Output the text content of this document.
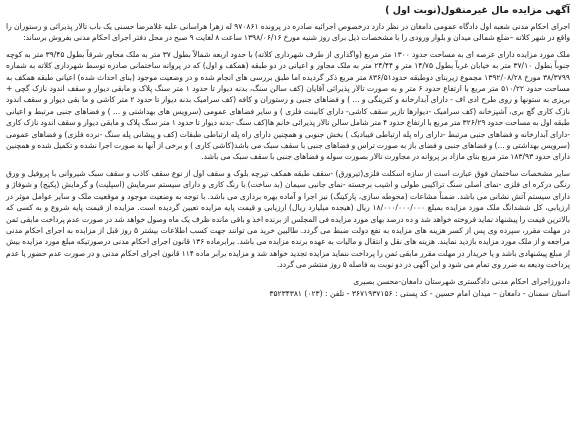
آگهی مزایده مال غیرمنقول(نوبت اول )

اجرای احکام مدنی شعبه اول دادگاه عمومی دامغان در نظر دارد درخصوص اجرائیه صادره در پرونده ۹۷۰۸۶۱ له زهرا هراسانی علیه غلامرضا حسنی یک باب تالار پذیرائی و رستوران را واقع در شهر کلاته –ضلع شمالی میدان و بلوار ورودی را با مشخصات ذیل برای روز شنبه مورخ ۱۳۹۸/۰۶/۱۶ ساعت ۸ لغایت ۹ صبح در محل دفتر اجرای احکام مدنی بفروش برساند:

ملک مورد مزایده دارای عرصه ای به مساحت حدود ۱۳۰۰ متر مربع (واگذاری از طرف شهرداری کلاته) با حدود اربعه شمالاً بطول ۳۷ متر به ملک مجاور شرقاً بطول ۳۹/۴۵ متر به کوچه جنوباً بطول ۳۷/۱۰ متر به خیابان غرباً بطول ۱۴/۷۵ متر و ۲۴/۴۴ متر به ملک مجاور و اعیانی در دو طبقه (همکف و اول) که در پروانه ساختمانی صادره توسط شهرداری کلاته به شماره ۳۸/۳۷۹۹ مورخ ۱۳۹۲/۰۸/۲۸ مجموع زیربنای دوطبقه حدود۸۳۶/۵۱ متر مربع ذکر گردیده اما طبق بررسی های انجام شده و در وضعیت موجود (بنای احداث شده) اعیانی طبقه همکف به مساحت حدود ۵۱۰/۲۲ متر مربع با ارتفاع حدود ۶ متر و به صورت تالار پذیرائی آقایان (کف سالن سنگ، بدنه دیوار تا حدود ۱ متر سنگ پلاک و مابقی دیوار و سقف اندود نازک گچی + بریزی به ستونها و روی طرح ادی اف - دارای آبدارخانه و کترینگی و ... ) و فضاهای جنبی و رستوران و کافه (کف سرامیک بدنه دیوار تا حدود ۲ متر کاشی و ما بقی دیوار و سقف اندود نازک کاری گچ بری، آشپزخانه (کف سرامیک -دیوارها تازیر سقف کاشی- دارای کابینت فلزی ) و سایر فضاهای عمومی (سرویس های بهداشتی و ... ) و فضاهای جنبی مرتبط و اعیانی طبقه اول به مساحت حدود ۳۲۶/۲۹ متر مربع با ارتفاع حدود ۴ متر شامل سالن تالار پذیرائی خانم ها(کف سنگ -بدنه دیوار تا حدود ۱ متر سنگ پلاک و مابقی دیوار و سقف اندود نازک کاری -دارای آبدارخانه و فضاهای جنبی مرتبط -دارای راه پله ارتباطی فیبادیک ) بخش جنوبی و همچنین دارای راه پله ارتباطی طبقات (کف و پیشانی پله سنگ -نرده فلزی) و فضاهای عمومی (سرویس بهداشتی و ...) و فضاهای جنبی و فضای باز به صورت تراس و فضاهای جنبی با سقف سبک می باشد(کاشی کاری ) و برخی از آنها به صورت اجرا نشده و تکمیل شده و همچنین دارای حدود ۱۸۳/۹۳ متر مربع بنای مازاد بر پروانه در مجاورت تالار بصورت سوله و فضاهای جنبی با سقف سبک می باشد.

سایر مشخصات ساختمان فوق عبارت است از سازه اسکلت فلزی(تیرورق) -سقف طبقه همکف تیرچه بلوک و سقف اول از نوع سقف کاذب و سقف سبک شیروانی با پروفیل و ورق رنگی درکره ای فلزی -نمای اصلی سنگ تراکیبی طولی و اشیب برجسته -نمای جانبی سیمان (بد ساخت) با رنگ کاری و دارای سیستم سرمایش (اسپلیت) و گرمایش (پکیج) و شوفاژ و دارای سیستم آتش نشانی می باشد. ضمناً مشاعات (محوطه سازی، پارکینگ) نیز اجرا و آماده بهره برداری می باشد. با توجه به وضعیت موجود و موقعیت ملک و سایر عوامل موثر در ارزیابی، کل ششدانگ ملک مورد مزایده بمبلغ ۱۸/۰۰۰/۰۰۰/۰۰۰ ریال (هیجده میلیارد ریال) ارزیابی و قیمت پایه مزایده تعیین گردیده است. مزایده از قیمت پایه شروع و به کسی که بالاترین قیمت را پیشنهاد نماید فروخته خواهد شد و ده درصد بهای مورد مزایده فی المجلس از برنده اخذ و باقی مانده ظرف یک ماه وصول خواهد شد در صورت عدم پرداخت مابقی ثمن در مهلت مقرر، سپرده وی پس از کسر هزینه های مزایده به نفع دولت ضبط می گردد. طالبین خرید می توانند جهت کسب اطلاعات بیشتر ۵ روز قبل از مزایده به اجرای احکام مدنی مراجعه و از ملک مورد مزایده بازدید نمایند. هزینه های نقل و انتقال و مالیات به عهده برنده مزایده می باشد. برابرماده ۱۳۶ قانون اجرای احکام مدنی درصورتیکه مبلغ مورد مزایده بیش از مبلغ پیشنهادی باشد و یا خریدار در مهلت مقرر مابقی ثمن را پرداخت ننماید مزایده تجدید خواهد شد و مزایده برابر ماده ۱۱۴ قانون اجرای احکام مدنی و در صورت عدم حضور یا عدم پرداخت ودیعه به ضرر وی تمام می شود و این آگهی در دو نوبت به فاصله ۵ روز منتشر می گردد.

دادورزاجرای احکام مدنی دادگستری شهرستان دامغان-محسن بصیری
استان سمنان - دامغان – میدان امام حسین - کد پستی : ۳۶۷۱۹۳۷۱۵۶ - تلفن : (۰۲۳) ۳۵۲۳۴۳۸۱
